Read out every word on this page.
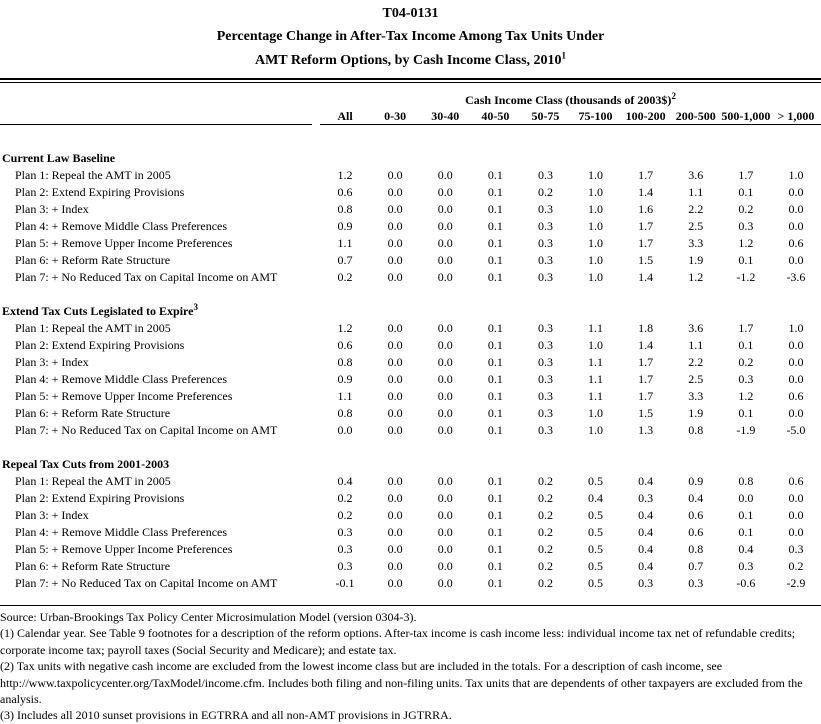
T04-0131
Percentage Change in After-Tax Income Among Tax Units Under
AMT Reform Options, by Cash Income Class, 2010$^1$
Cash Income Class (thousands of 2003$)$^2$
All	0-30	30-40	40-50	50-75	75-100	100-200 200-500 500-1,000 > 1,000
Current Law Baseline
Plan 1: Repeal the AMT in 2005	1.2	0.0	0.0	0.1	0.3	1.0	1.7	3.6	1.7	1.0
Plan 2: Extend Expiring Provisions	0.6	0.0	0.0	0.1	0.2	1.0	1.4	1.1	0.1	0.0
Plan 3: + Index	0.8	0.0	0.0	0.1	0.3	1.0	1.6	2.2	0.2	0.0
Plan 4: + Remove Middle Class Preferences	0.9	0.0	0.0	0.1	0.3	1.0	1.7	2.5	0.3	0.0
Plan 5: + Remove Upper Income Preferences	1.1	0.0	0.0	0.1	0.3	1.0	1.7	3.3	1.2	0.6
Plan 6: + Reform Rate Structure	0.7	0.0	0.0	0.1	0.3	1.0	1.5	1.9	0.1	0.0
Plan 7: + No Reduced Tax on Capital Income on AMT	0.2	0.0	0.0	0.1	0.3	1.0	1.4	1.2	-1.2	-3.6
Extend Tax Cuts Legislated to Expire$^3$
Plan 1: Repeal the AMT in 2005	1.2	0.0	0.0	0.1	0.3	1.1	1.8	3.6	1.7	1.0
Plan 2: Extend Expiring Provisions	0.6	0.0	0.0	0.1	0.3	1.0	1.4	1.1	0.1	0.0
Plan 3: + Index	0.8	0.0	0.0	0.1	0.3	1.1	1.7	2.2	0.2	0.0
Plan 4: + Remove Middle Class Preferences	0.9	0.0	0.0	0.1	0.3	1.1	1.7	2.5	0.3	0.0
Plan 5: + Remove Upper Income Preferences	1.1	0.0	0.0	0.1	0.3	1.1	1.7	3.3	1.2	0.6
Plan 6: + Reform Rate Structure	0.8	0.0	0.0	0.1	0.3	1.0	1.5	1.9	0.1	0.0
Plan 7: + No Reduced Tax on Capital Income on AMT	0.0	0.0	0.0	0.1	0.3	1.0	1.3	0.8	-1.9	-5.0
Repeal Tax Cuts from 2001-2003
Plan 1: Repeal the AMT in 2005	0.4	0.0	0.0	0.1	0.2	0.5	0.4	0.9	0.8	0.6
Plan 2: Extend Expiring Provisions	0.2	0.0	0.0	0.1	0.2	0.4	0.3	0.4	0.0	0.0
Plan 3: + Index	0.2	0.0	0.0	0.1	0.2	0.5	0.4	0.6	0.1	0.0
Plan 4: + Remove Middle Class Preferences	0.3	0.0	0.0	0.1	0.2	0.5	0.4	0.6	0.1	0.0
Plan 5: + Remove Upper Income Preferences	0.3	0.0	0.0	0.1	0.2	0.5	0.4	0.8	0.4	0.3
Plan 6: + Reform Rate Structure	0.3	0.0	0.0	0.1	0.2	0.5	0.4	0.7	0.3	0.2
Plan 7: + No Reduced Tax on Capital Income on AMT	-0.1	0.0	0.0	0.1	0.2	0.5	0.3	0.3	-0.6	-2.9
Source: Urban-Brookings Tax Policy Center Microsimulation Model (version 0304-3).
(1) Calendar year. See Table 9 footnotes for a description of the reform options. After-tax income is cash income less: individual income tax net of refundable credits; corporate income tax; payroll taxes (Social Security and Medicare); and estate tax.
(2) Tax units with negative cash income are excluded from the lowest income class but are included in the totals. For a description of cash income, see http://www.taxpolicycenter.org/TaxModel/income.cfm. Includes both filing and non-filing units. Tax units that are dependents of other taxpayers are excluded from the analysis.
(3) Includes all 2010 sunset provisions in EGTRRA and all non-AMT provisions in JGTRRA.
